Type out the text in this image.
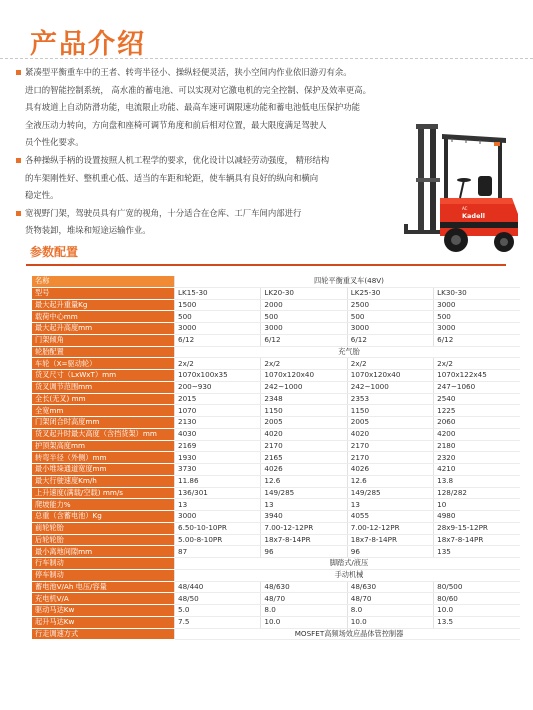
产品介绍
紧凑型平衡重车中的王者、转弯半径小、操纵轻便灵活，狭小空间内作业依旧游刃有余。
进口的智能控制系统， 高水准的蓄电池、可以实现对它激电机的完全控制、保护及效率更高。
具有坡道上自动防滑功能，电流限止功能、最高车速可调限速功能和蓄电池低电压保护功能
全液压动力转向，方向盘和座椅可调节角度和前后相对位置，最大限度满足驾驶人
员个性化要求。
各种操纵手柄的设置按照人机工程学的要求，优化设计以减轻劳动强度， 精形结构
的车架刚性好、整机重心低、适当的车距和轮距，使车辆具有良好的纵向和横向
稳定性。
宽视野门架，驾驶员具有广宽的视角，十分适合在仓库、工厂车间内部进行
货物装卸，堆垛和短途运输作业。
AC
Kadell
参数配置
名称	四轮平衡重叉车(48V)			
型号	LK15-30	LK20-30	LK25-30	LK30-30
最大起升重量Kg	1500	2000	2500	3000
载荷中心mm	500	500	500	500
最大起升高度mm	3000	3000	3000	3000
门架倾角	6/12	6/12	6/12	6/12
轮胎配置	充气胎			
车轮（X=驱动轮）	2x/2	2x/2	2x/2	2x/2
货叉尺寸（LxWxT）mm	1070x100x35	1070x120x40	1070x120x40	1070x122x45
货叉调节范围mm	200~930	242~1000	242~1000	247~1060
全长(无叉) mm	2015	2348	2353	2540
全宽mm	1070	1150	1150	1225
门架闭合时高度mm	2130	2005	2005	2060
货叉起升时最大高度（含挡货架）mm	4030	4020	4020	4200
护顶架高度mm	2169	2170	2170	2180
转弯半径（外侧）mm	1930	2165	2170	2320
最小堆垛通道宽度mm	3730	4026	4026	4210
最大行驶速度Km/h	11.86	12.6	12.6	13.8
上升速度(满载/空载) mm/s	136/301	149/285	149/285	128/282
爬坡能力%	13	13	13	10
总重（含蓄电池）Kg	3000	3940	4055	4980
前轮轮胎	6.50-10-10PR	7.00-12-12PR	7.00-12-12PR	28x9-15-12PR
后轮轮胎	5.00-8-10PR	18x7-8-14PR	18x7-8-14PR	18x7-8-14PR
最小离地间隙mm	87	96	96	135
行车制动	脚踏式/液压			
停车制动	手动机械			
蓄电池V/Ah 电压/容量	48/440	48/630	48/630	80/500
充电机V/A	48/50	48/70	48/70	80/60
驱动马达Kw	5.0	8.0	8.0	10.0
起升马达Kw	7.5	10.0	10.0	13.5
行走调速方式	MOSFET高频场效应晶体管控制器			
